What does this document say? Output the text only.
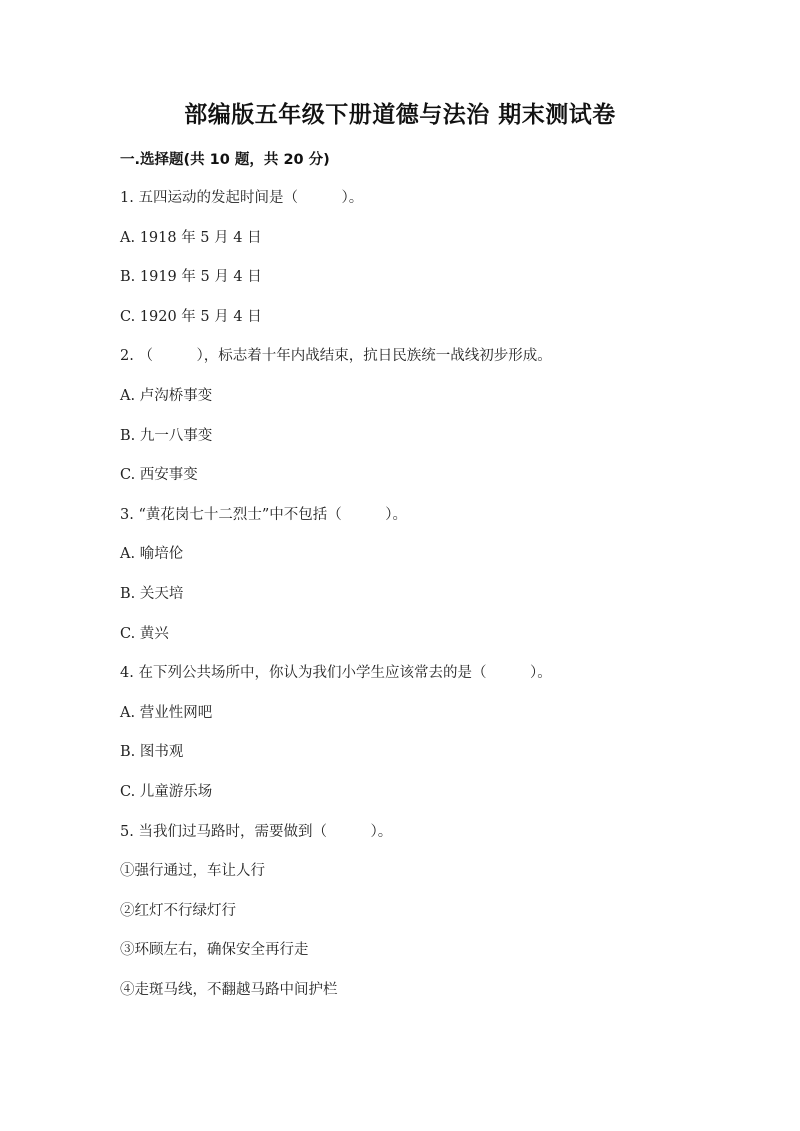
部编版五年级下册道德与法治 期末测试卷
一.选择题(共 10 题，共 20 分)
1. 五四运动的发起时间是（　　　）。
A. 1918 年 5 月 4 日
B. 1919 年 5 月 4 日
C. 1920 年 5 月 4 日
2. （　　　），标志着十年内战结束，抗日民族统一战线初步形成。
A. 卢沟桥事变
B. 九一八事变
C. 西安事变
3. “黄花岗七十二烈士”中不包括（　　　）。
A. 喻培伦
B. 关天培
C. 黄兴
4. 在下列公共场所中，你认为我们小学生应该常去的是（　　　）。
A. 营业性网吧
B. 图书观
C. 儿童游乐场
5. 当我们过马路时，需要做到（　　　）。
①强行通过，车让人行
②红灯不行绿灯行
③环顾左右，确保安全再行走
④走斑马线，不翻越马路中间护栏
